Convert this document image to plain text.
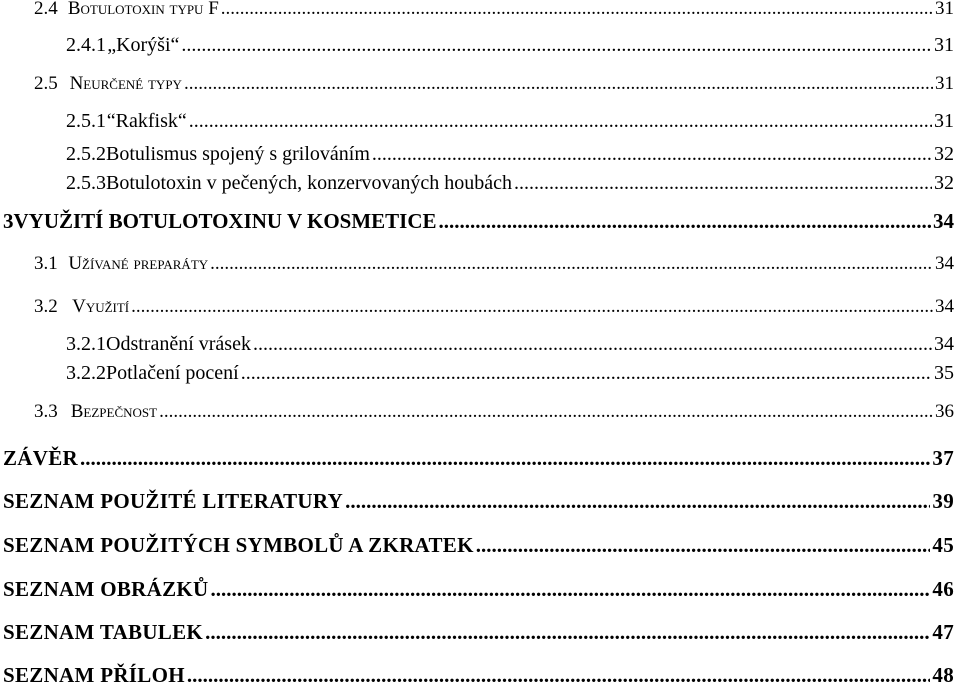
2.4 Botulotoxin typu F .....	31
2.4.1 „Korýši“ .....	31
2.5 Neurčené typy .....	31
2.5.1 “Rakfisk“ .....	31
2.5.2 Botulismus spojený s grilováním .....	32
2.5.3 Botulotoxin v pečených, konzervovaných houbách .....	32
3 VYUŽITÍ BOTULOTOXINU V KOSMETICE .....	34
3.1 Užívané preparáty .....	34
3.2 Využití .....	34
3.2.1 Odstranění vrásek .....	34
3.2.2 Potlačení pocení .....	35
3.3 Bezpečnost .....	36
ZÁVĚR .....	37
SEZNAM POUŽITÉ LITERATURY .....	39
SEZNAM POUŽITÝCH SYMBOLŮ A ZKRATEK .....	45
SEZNAM OBRÁZKŮ .....	46
SEZNAM TABULEK .....	47
SEZNAM PŘÍLOH .....	48
